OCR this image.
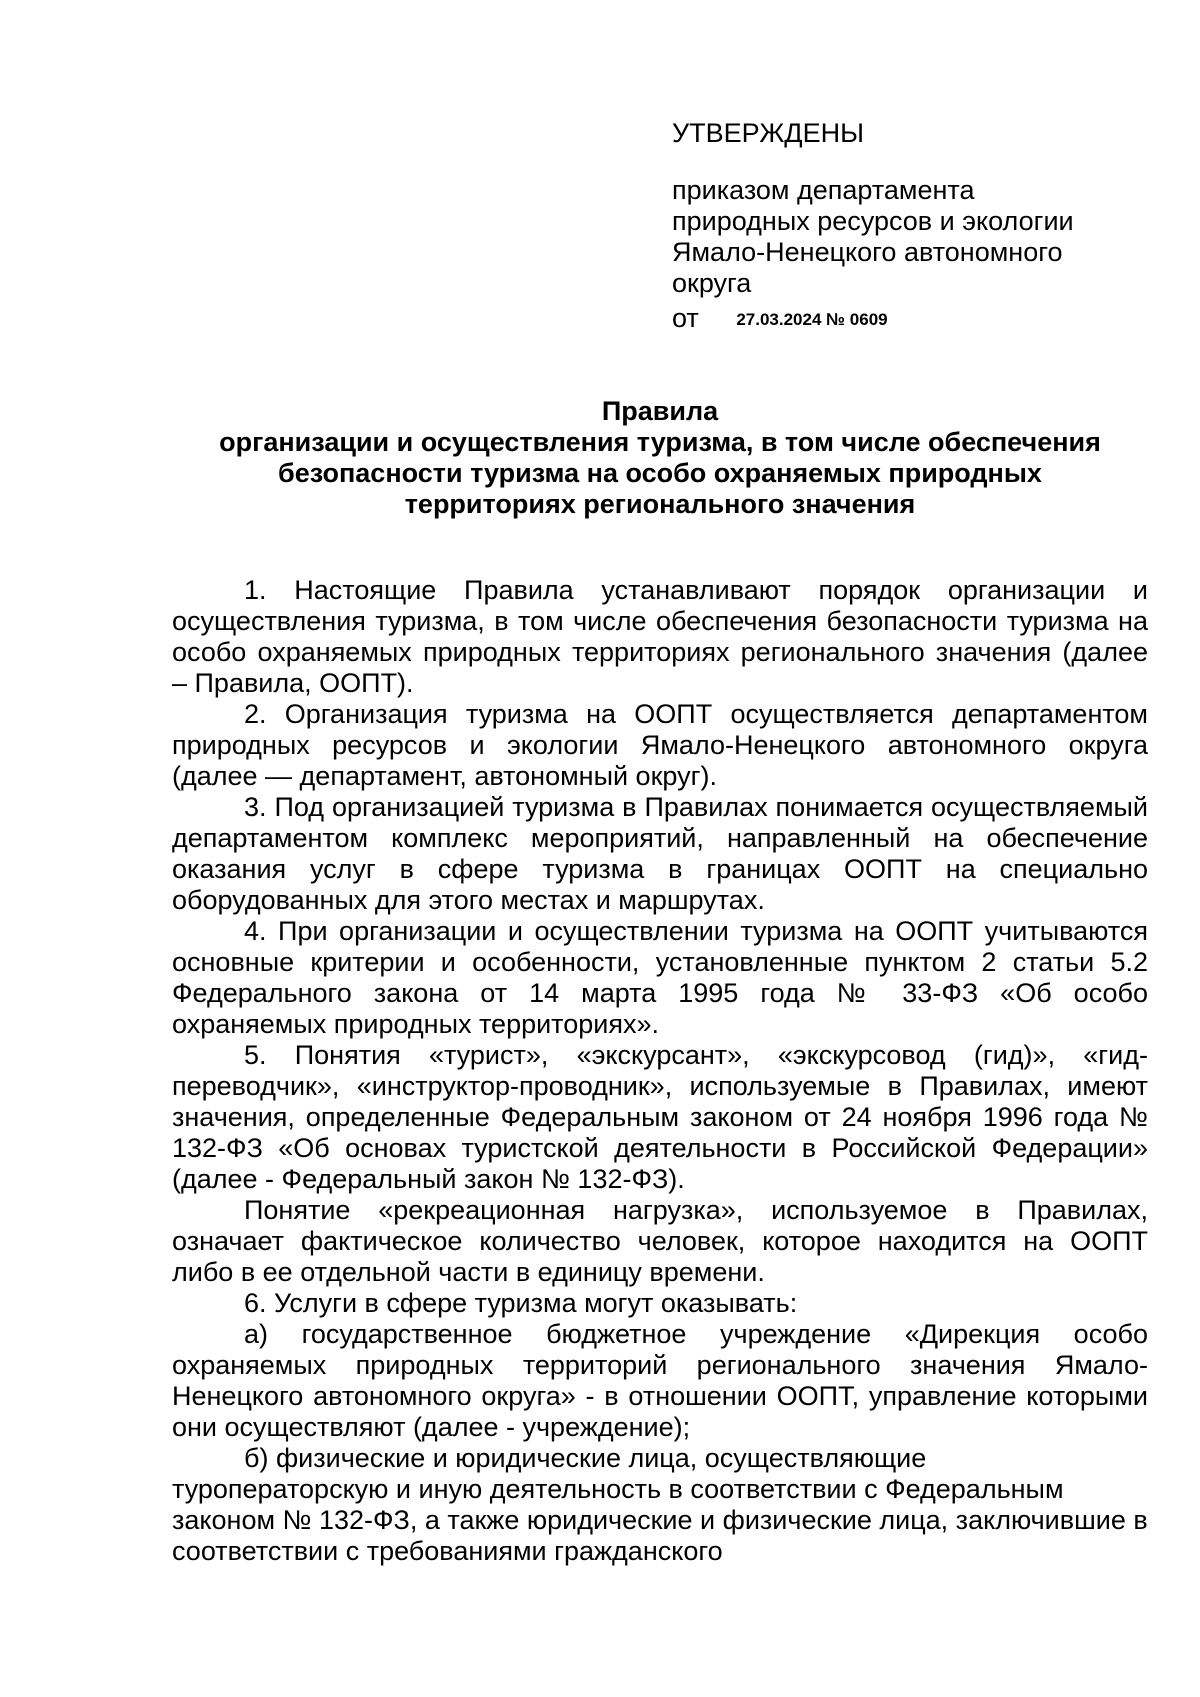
УТВЕРЖДЕНЫ
приказом департамента
природных ресурсов и экологии
Ямало-Ненецкого автономного
округа
от 27.03.2024 № 0609
Правила
организации и осуществления туризма, в том числе обеспечения безопасности туризма на особо охраняемых природных территориях регионального значения

1. Настоящие Правила устанавливают порядок организации и осуществления туризма, в том числе обеспечения безопасности туризма на особо охраняемых природных территориях регионального значения (далее – Правила, ООПТ).

2. Организация туризма на ООПТ осуществляется департаментом природных ресурсов и экологии Ямало-Ненецкого автономного округа (далее — департамент, автономный округ).

3. Под организацией туризма в Правилах понимается осуществляемый департаментом комплекс мероприятий, направленный на обеспечение оказания услуг в сфере туризма в границах ООПТ на специально оборудованных для этого местах и маршрутах.

4. При организации и осуществлении туризма на ООПТ учитываются основные критерии и особенности, установленные пунктом 2 статьи 5.2 Федерального закона от 14 марта 1995 года № 33-ФЗ «Об особо охраняемых природных территориях».

5. Понятия «турист», «экскурсант», «экскурсовод (гид)», «гид-переводчик», «инструктор-проводник», используемые в Правилах, имеют значения, определенные Федеральным законом от 24 ноября 1996 года № 132-ФЗ «Об основах туристской деятельности в Российской Федерации» (далее - Федеральный закон № 132-ФЗ).

Понятие «рекреационная нагрузка», используемое в Правилах, означает фактическое количество человек, которое находится на ООПТ либо в ее отдельной части в единицу времени.

6. Услуги в сфере туризма могут оказывать:

а) государственное бюджетное учреждение «Дирекция особо охраняемых природных территорий регионального значения Ямало-Ненецкого автономного округа» - в отношении ООПТ, управление которыми они осуществляют (далее - учреждение);

б) физические и юридические лица, осуществляющие туроператорскую и иную деятельность в соответствии с Федеральным законом № 132-ФЗ, а также юридические и физические лица, заключившие в соответствии с требованиями гражданского
